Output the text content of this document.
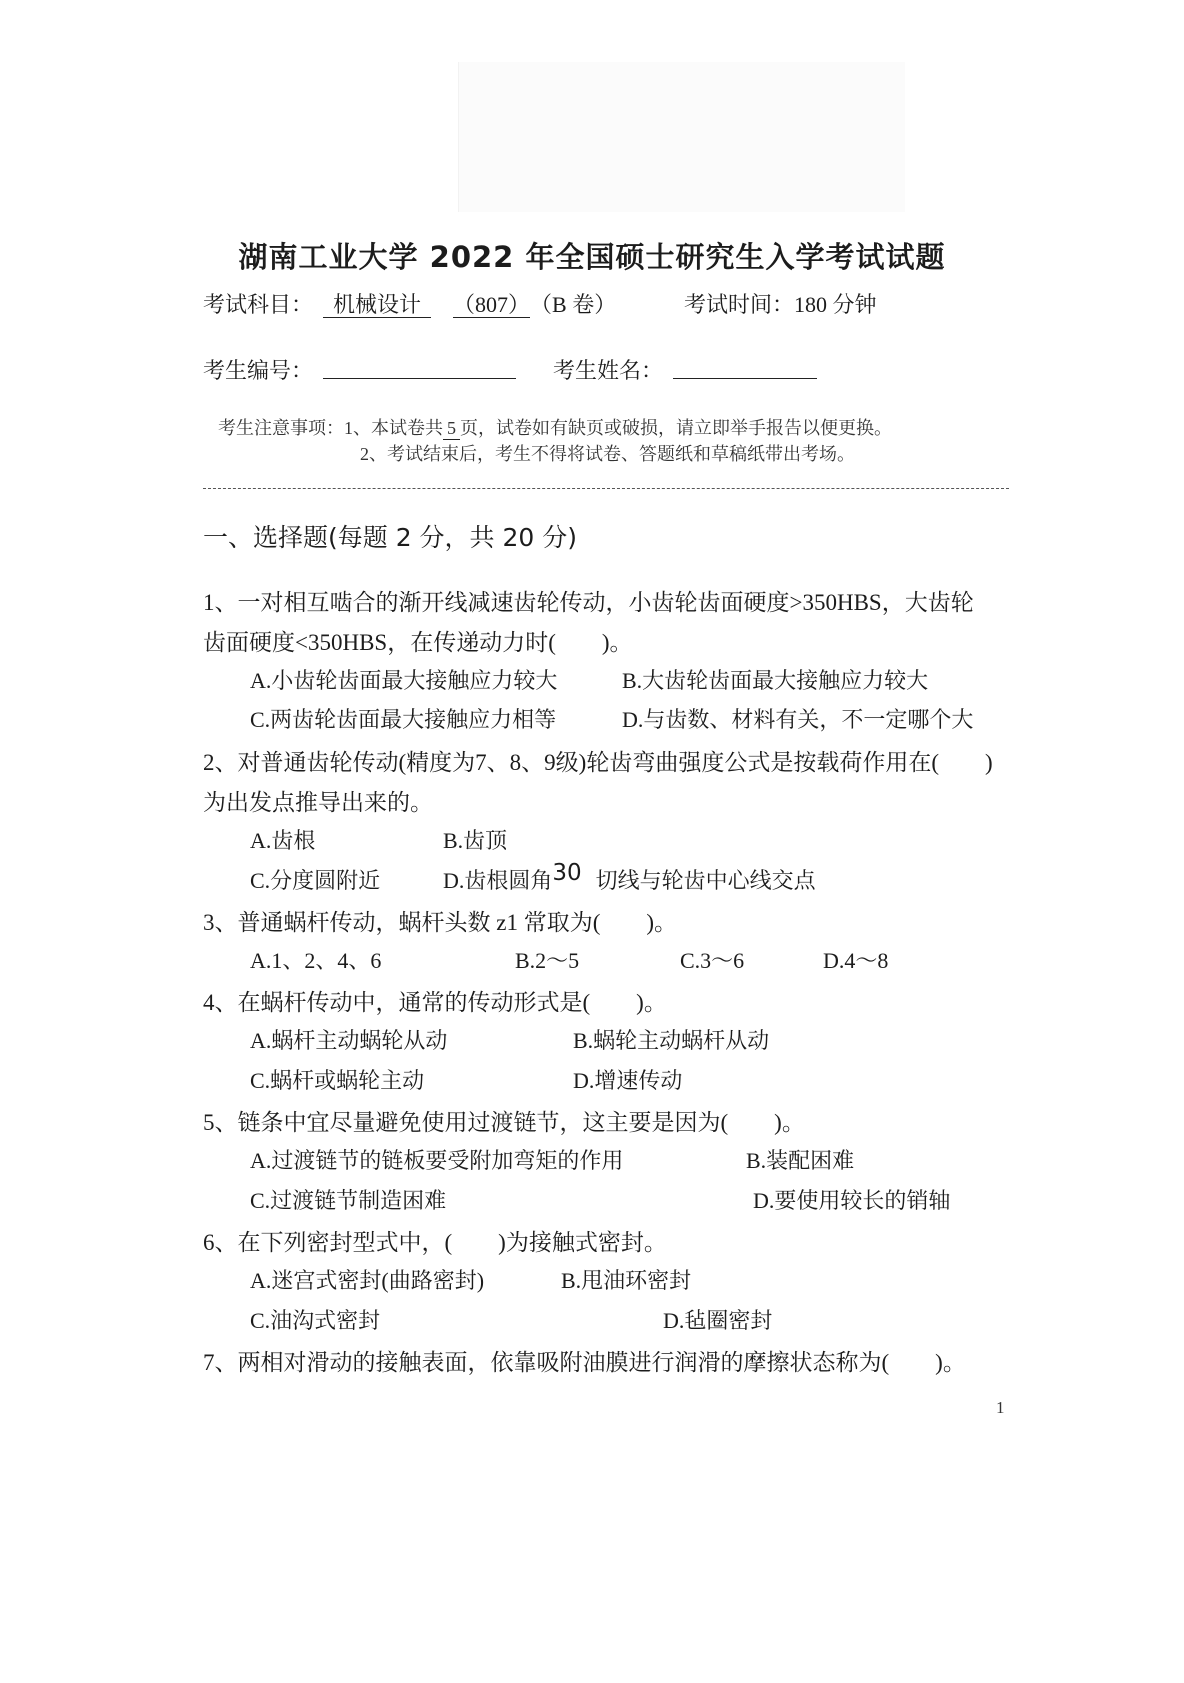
湖南工业大学 2022 年全国硕士研究生入学考试试题
考试科目： 机械设计 （807）（B 卷）	考试时间：180 分钟
考生编号：	考生姓名：
考生注意事项：1、本试卷共 5 页，试卷如有缺页或破损，请立即举手报告以便更换。
2、考试结束后，考生不得将试卷、答题纸和草稿纸带出考场。
一、选择题(每题 2 分，共 20 分)
1、一对相互啮合的渐开线减速齿轮传动，小齿轮齿面硬度>350HBS，大齿轮
齿面硬度<350HBS，在传递动力时(　　)。
A.小齿轮齿面最大接触应力较大	B.大齿轮齿面最大接触应力较大
C.两齿轮齿面最大接触应力相等	D.与齿数、材料有关，不一定哪个大
2、对普通齿轮传动(精度为7、8、9级)轮齿弯曲强度公式是按载荷作用在(　　)
为出发点推导出来的。
A.齿根	B.齿顶
C.分度圆附近	D.齿根圆角30 切线与轮齿中心线交点
3、普通蜗杆传动，蜗杆头数 z1 常取为(　　)。
A.1、2、4、6	B.2～5	C.3～6	D.4～8
4、在蜗杆传动中，通常的传动形式是(　　)。
A.蜗杆主动蜗轮从动	B.蜗轮主动蜗杆从动
C.蜗杆或蜗轮主动	D.增速传动
5、链条中宜尽量避免使用过渡链节，这主要是因为(　　)。
A.过渡链节的链板要受附加弯矩的作用	B.装配困难
C.过渡链节制造困难	D.要使用较长的销轴
6、在下列密封型式中，(　　)为接触式密封。
A.迷宫式密封(曲路密封)	B.甩油环密封
C.油沟式密封	D.毡圈密封
7、两相对滑动的接触表面，依靠吸附油膜进行润滑的摩擦状态称为(　　)。
1
